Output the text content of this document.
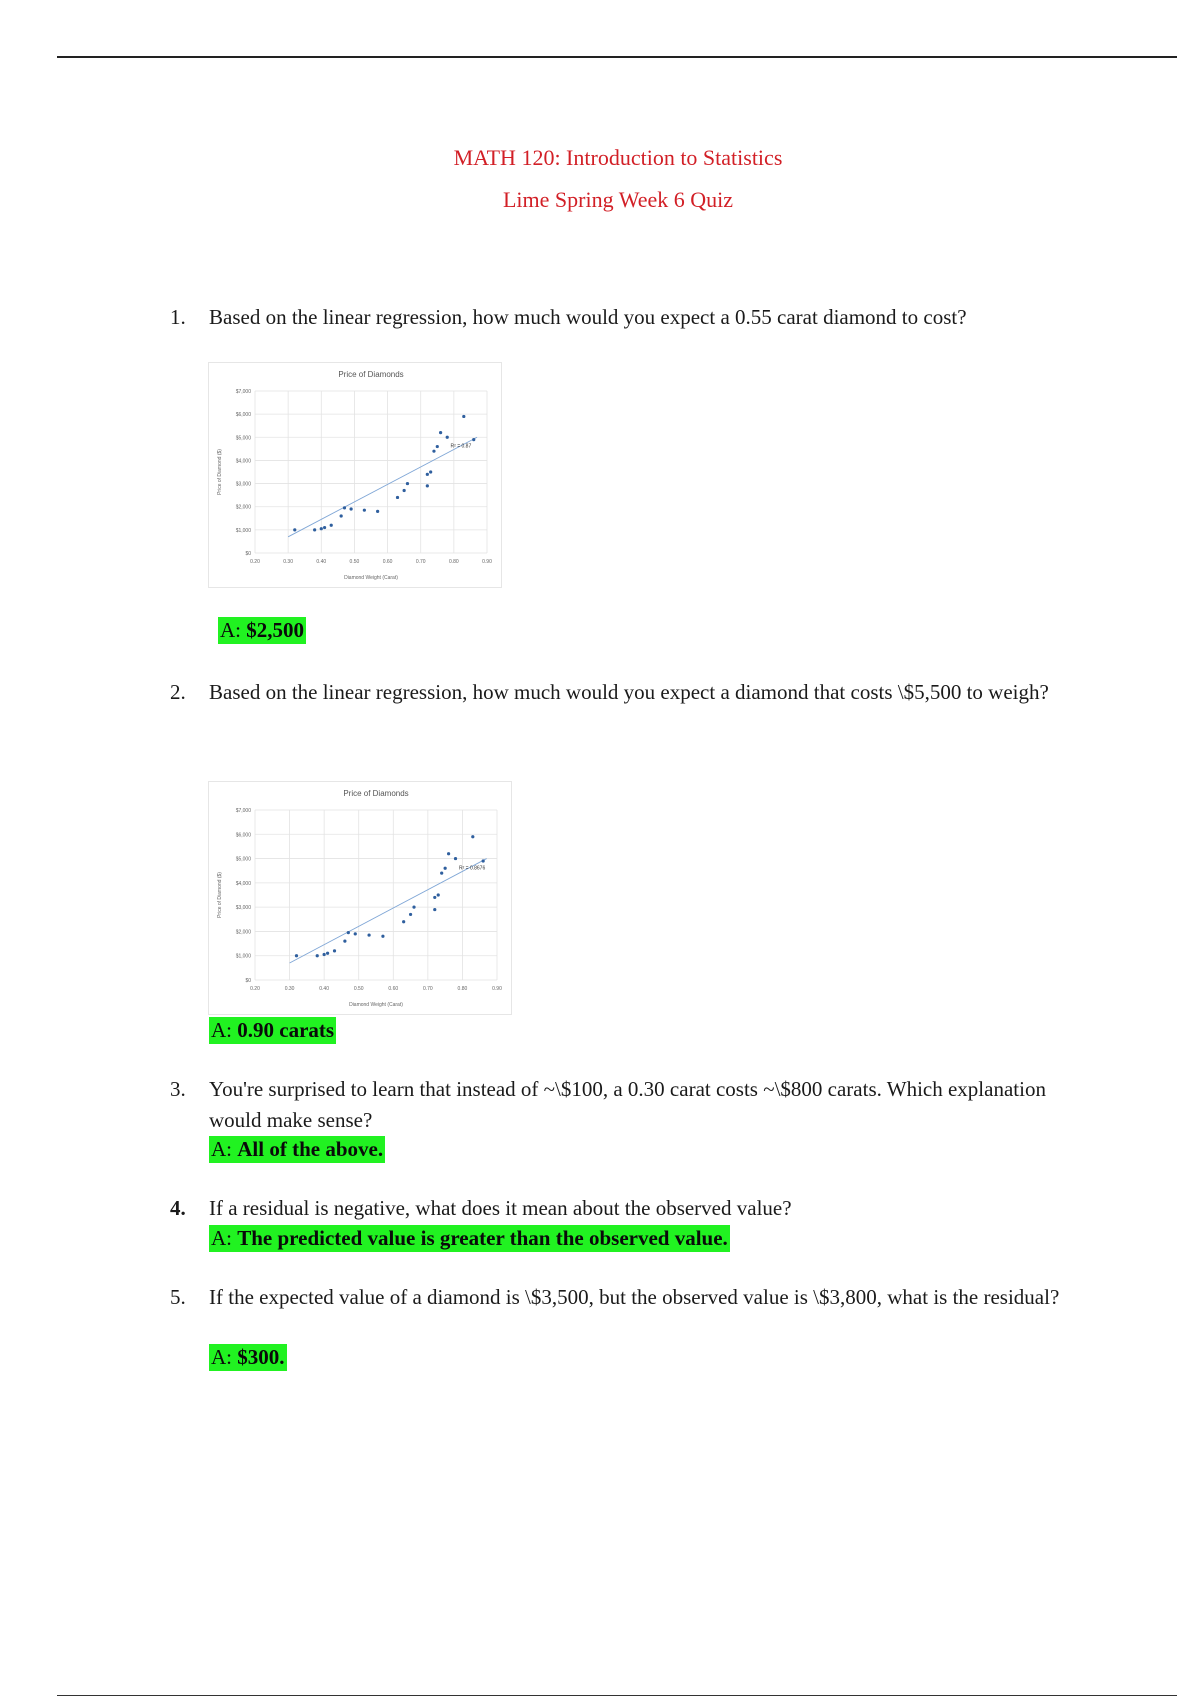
MATH 120: Introduction to Statistics
Lime Spring Week 6 Quiz
1. Based on the linear regression, how much would you expect a 0.55 carat diamond to cost?
Price of Diamonds
$0
$1,000
$2,000
$3,000
$4,000
$5,000
$6,000
$7,000
0.20	0.30	0.40	0.50	0.60	0.70	0.80	0.90
Diamond Weight (Carat)
Price of Diamond ($)
R² = 0.87
A: $2,500
2. Based on the linear regression, how much would you expect a diamond that costs \$5,500 to weigh?
Price of Diamonds
$0
$1,000
$2,000
$3,000
$4,000
$5,000
$6,000
$7,000
0.20	0.30	0.40	0.50	0.60	0.70	0.80	0.90
Diamond Weight (Carat)
Price of Diamond ($)
R² = 0.8676
A: 0.90 carats
3. You're surprised to learn that instead of ~\$100, a 0.30 carat costs ~\$800 carats. Which explanation would make sense?
A: All of the above.
4. If a residual is negative, what does it mean about the observed value?
A: The predicted value is greater than the observed value.
5. If the expected value of a diamond is \$3,500, but the observed value is \$3,800, what is the residual?
A: $300.
